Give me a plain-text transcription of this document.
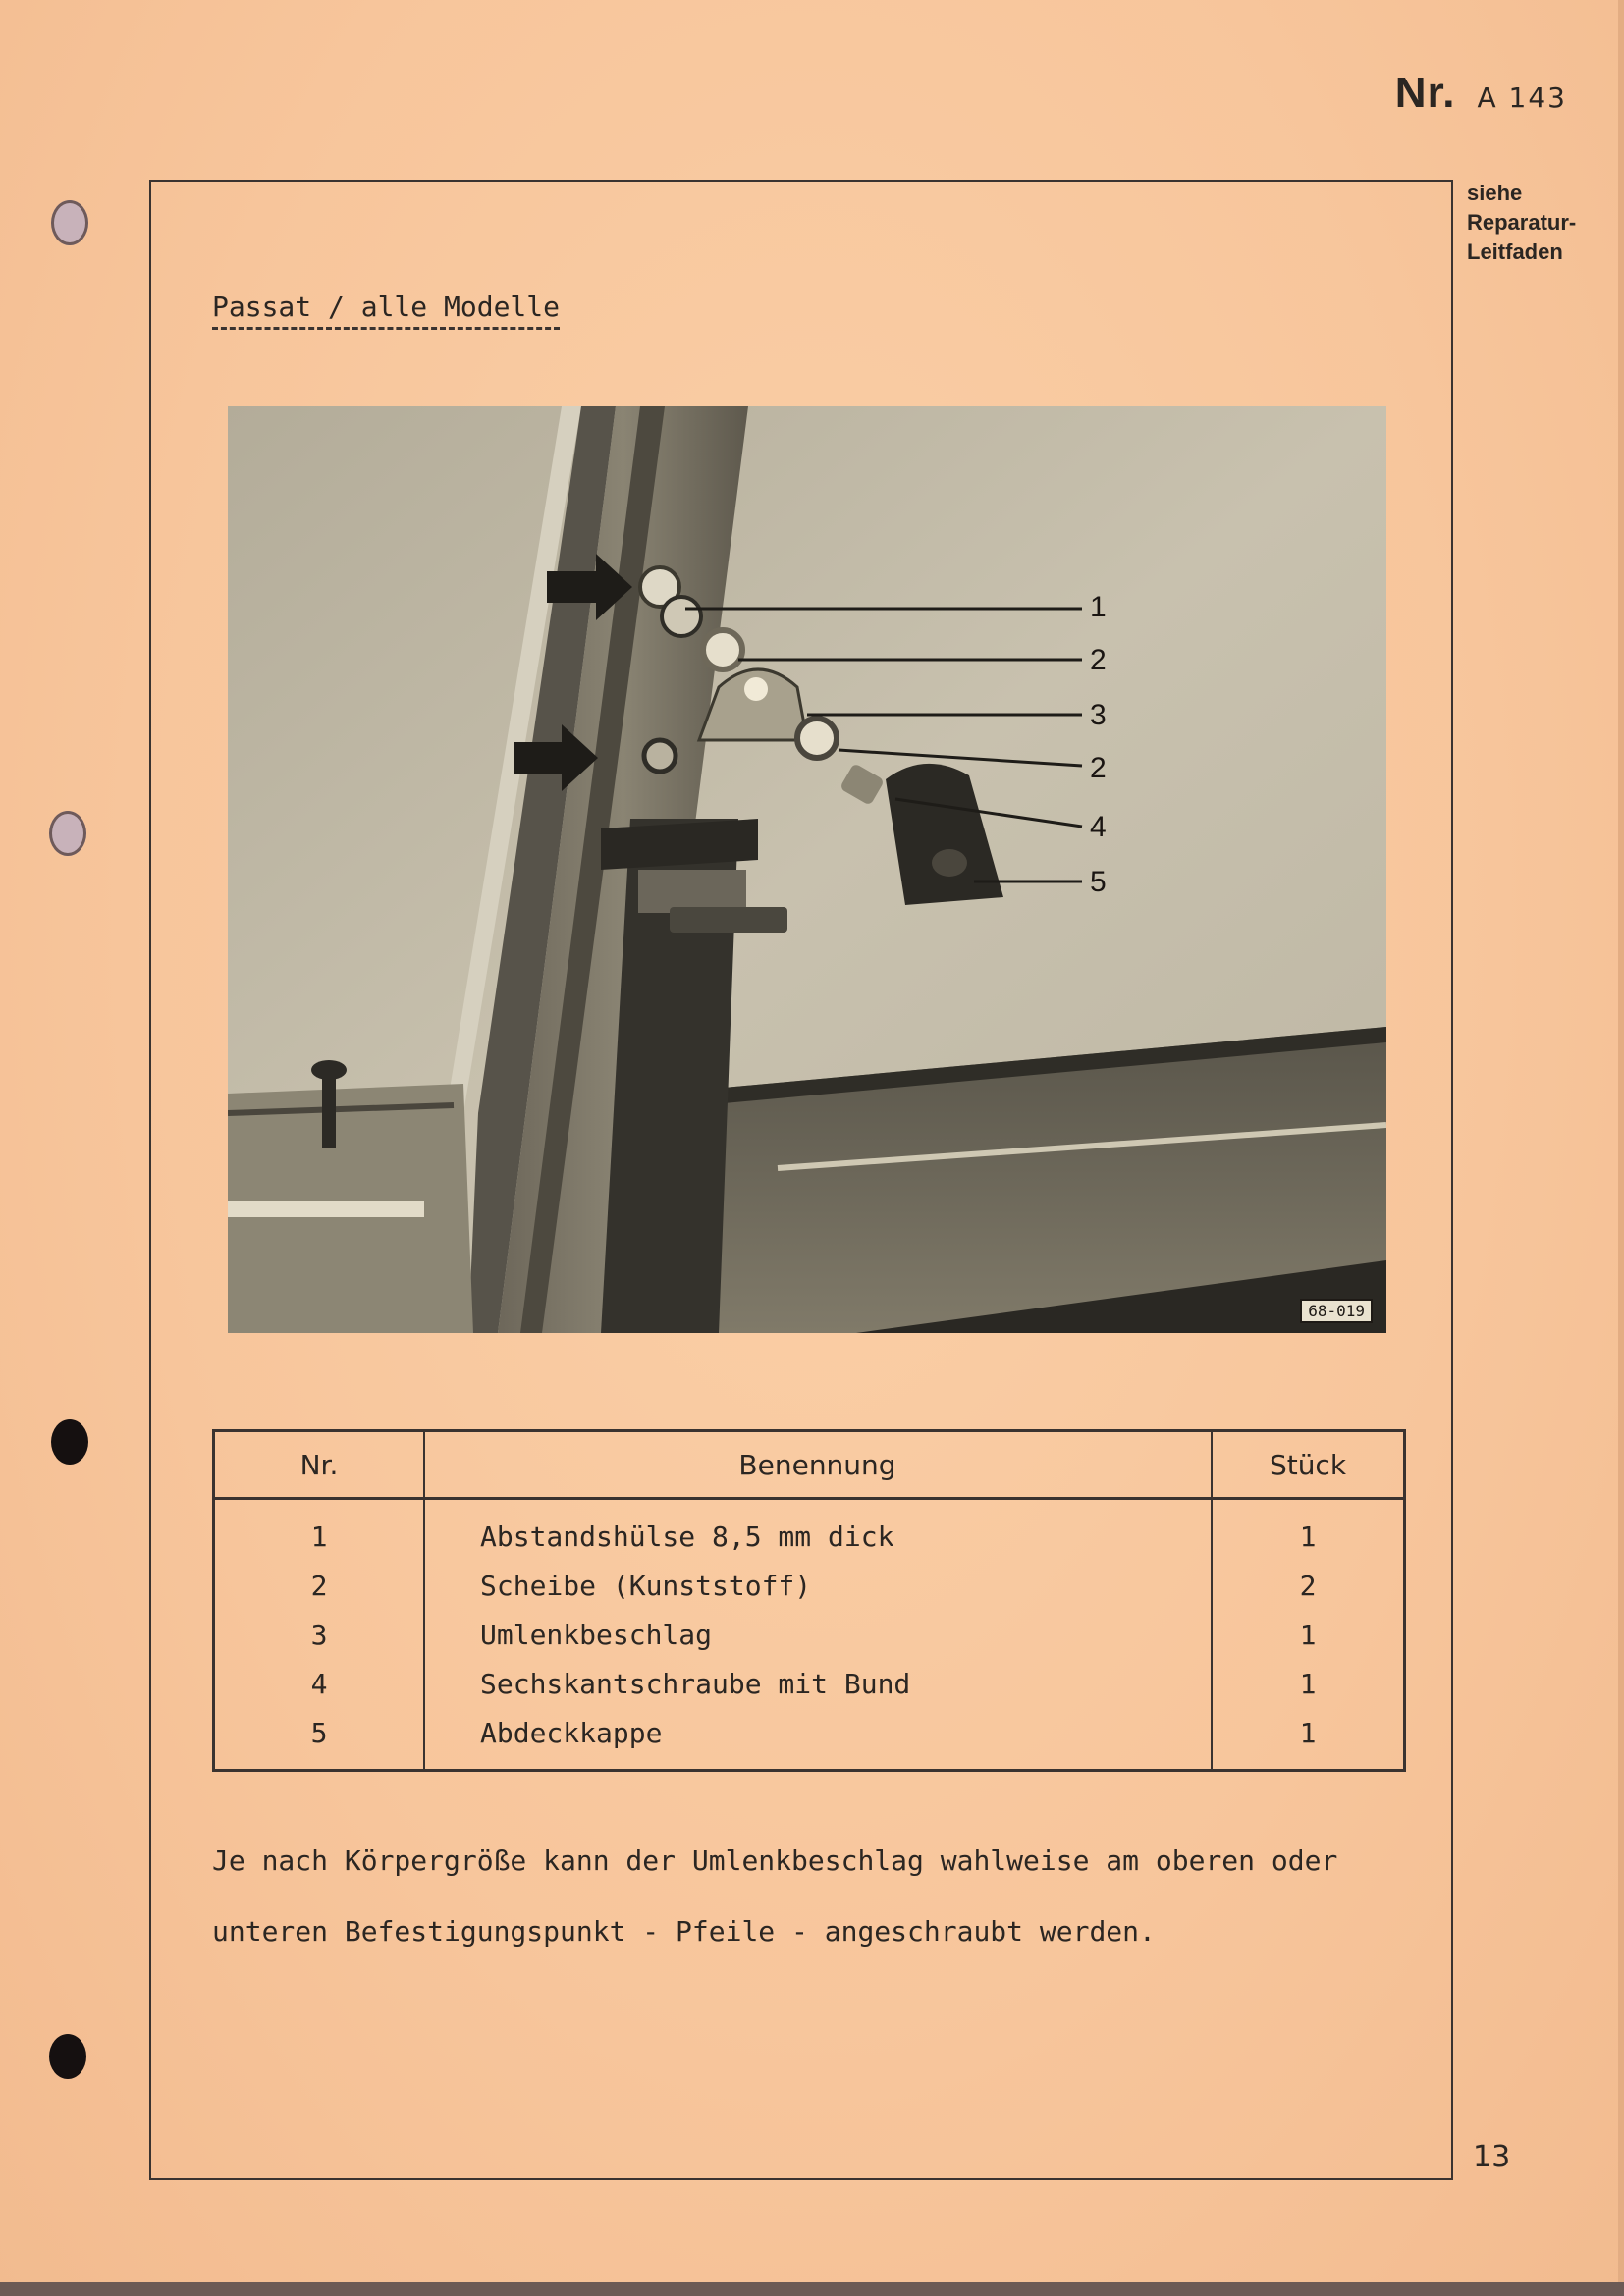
Nr. A 143
siehe
Reparatur-
Leitfaden
Passat / alle Modelle
68-019
1
2
3
2
4
5
Nr.	Benennung	Stück
1	Abstandshülse 8,5 mm dick	1
2	Scheibe (Kunststoff)	2
3	Umlenkbeschlag	1
4	Sechskantschraube mit Bund	1
5	Abdeckkappe	1

Je nach Körpergröße kann der Umlenkbeschlag wahlweise am oberen oder

unteren Befestigungspunkt - Pfeile - angeschraubt werden.

13
